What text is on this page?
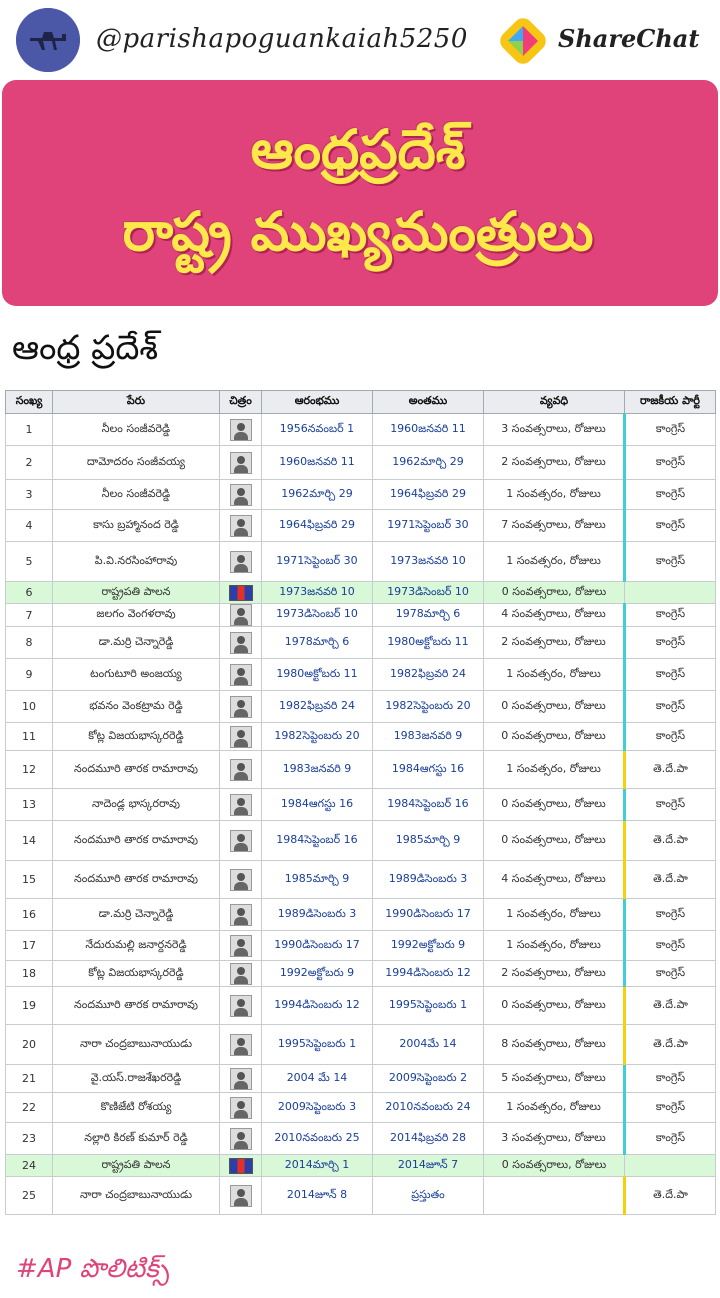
@parishapoguankaiah5250	ShareChat
ఆంధ్రప్రదేశ్
రాష్ట్ర ముఖ్యమంత్రులు
ఆంధ్ర ప్రదేశ్
సంఖ్య	పేరు	చిత్రం	ఆరంభము	అంతము	వ్యవధి	రాజకీయ పార్టీ
1	నీలం సంజీవరెడ్డి		1956నవంబర్ 1	1960జనవరి 11	3 సంవత్సరాలు, రోజులు	కాంగ్రెస్
2	దామోదరం సంజీవయ్య		1960జనవరి 11	1962మార్చి 29	2 సంవత్సరాలు, రోజులు	కాంగ్రెస్
3	నీలం సంజీవరెడ్డి		1962మార్చి 29	1964ఫిబ్రవరి 29	1 సంవత్సరం, రోజులు	కాంగ్రెస్
4	కాసు బ్రహ్మానంద రెడ్డి		1964ఫిబ్రవరి 29	1971సెప్టెంబర్ 30	7 సంవత్సరాలు, రోజులు	కాంగ్రెస్
5	పి.వి.నరసింహారావు		1971సెప్టెంబర్ 30	1973జనవరి 10	1 సంవత్సరం, రోజులు	కాంగ్రెస్
6	రాష్ట్రపతి పాలన		1973జనవరి 10	1973డిసెంబర్ 10	0 సంవత్సరాలు, రోజులు	
7	జలగం వెంగళరావు		1973డిసెంబర్ 10	1978మార్చి 6	4 సంవత్సరాలు, రోజులు	కాంగ్రెస్
8	డా.మర్రి చెన్నారెడ్డి		1978మార్చి 6	1980అక్టోబరు 11	2 సంవత్సరాలు, రోజులు	కాంగ్రెస్
9	టంగుటూరి అంజయ్య		1980అక్టోబరు 11	1982ఫిబ్రవరి 24	1 సంవత్సరం, రోజులు	కాంగ్రెస్
10	భవనం వెంకట్రామ రెడ్డి		1982ఫిబ్రవరి 24	1982సెప్టెంబరు 20	0 సంవత్సరాలు, రోజులు	కాంగ్రెస్
11	కోట్ల విజయభాస్కరరెడ్డి		1982సెప్టెంబరు 20	1983జనవరి 9	0 సంవత్సరాలు, రోజులు	కాంగ్రెస్
12	నందమూరి తారక రామారావు		1983జనవరి 9	1984ఆగస్టు 16	1 సంవత్సరం, రోజులు	తె.దే.పా
13	నాదెండ్ల భాస్కరరావు		1984ఆగస్టు 16	1984సెప్టెంబర్ 16	0 సంవత్సరాలు, రోజులు	కాంగ్రెస్
14	నందమూరి తారక రామారావు		1984సెప్టెంబర్ 16	1985మార్చి 9	0 సంవత్సరాలు, రోజులు	తె.దే.పా
15	నందమూరి తారక రామారావు		1985మార్చి 9	1989డిసెంబరు 3	4 సంవత్సరాలు, రోజులు	తె.దే.పా
16	డా.మర్రి చెన్నారెడ్డి		1989డిసెంబరు 3	1990డిసెంబరు 17	1 సంవత్సరం, రోజులు	కాంగ్రెస్
17	నేదురుమల్లి జనార్దనరెడ్డి		1990డిసెంబరు 17	1992అక్టోబరు 9	1 సంవత్సరం, రోజులు	కాంగ్రెస్
18	కోట్ల విజయభాస్కరరెడ్డి		1992అక్టోబరు 9	1994డిసెంబరు 12	2 సంవత్సరాలు, రోజులు	కాంగ్రెస్
19	నందమూరి తారక రామారావు		1994డిసెంబరు 12	1995సెప్టెంబరు 1	0 సంవత్సరాలు, రోజులు	తె.దే.పా
20	నారా చంద్రబాబునాయుడు		1995సెప్టెంబరు 1	2004మే 14	8 సంవత్సరాలు, రోజులు	తె.దే.పా
21	వై.యస్.రాజశేఖరరెడ్డి		2004 మే 14	2009సెప్టెంబరు 2	5 సంవత్సరాలు, రోజులు	కాంగ్రెస్
22	కొణిజేటి రోశయ్య		2009సెప్టెంబరు 3	2010నవంబరు 24	1 సంవత్సరం, రోజులు	కాంగ్రెస్
23	నల్లారి కిరణ్ కుమార్ రెడ్డి		2010నవంబరు 25	2014ఫిబ్రవరి 28	3 సంవత్సరాలు, రోజులు	కాంగ్రెస్
24	రాష్ట్రపతి పాలన		2014మార్చి 1	2014జూన్ 7	0 సంవత్సరాలు, రోజులు	
25	నారా చంద్రబాబునాయుడు		2014జూన్ 8	ప్రస్తుతం		తె.దే.పా
#AP పొలిటిక్స్
